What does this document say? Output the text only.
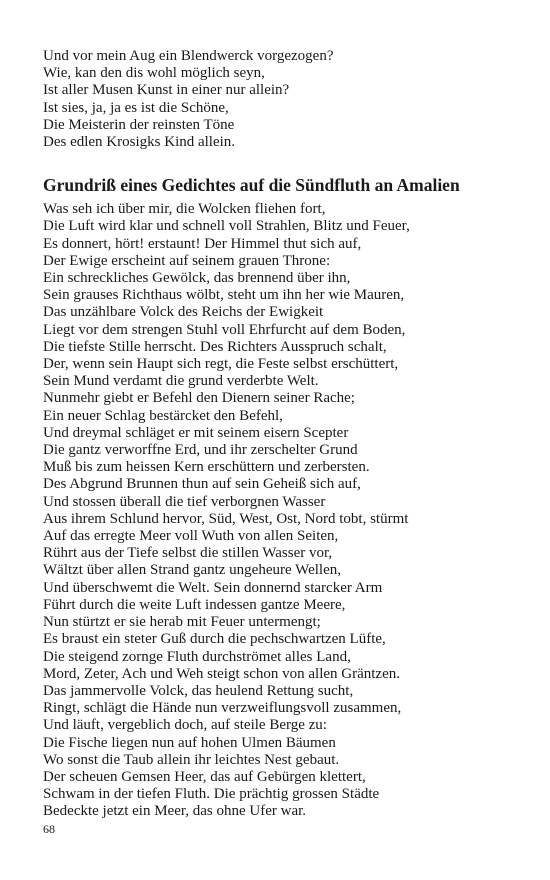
Und vor mein Aug ein Blendwerck vorgezogen?
Wie, kan den dis wohl möglich seyn,
Ist aller Musen Kunst in einer nur allein?
Ist sies, ja, ja es ist die Schöne,
Die Meisterin der reinsten Töne
Des edlen Krosigks Kind allein.
Grundriß eines Gedichtes auf die Sündfluth an Amalien
Was seh ich über mir, die Wolcken fliehen fort,
Die Luft wird klar und schnell voll Strahlen, Blitz und Feuer,
Es donnert, hört! erstaunt! Der Himmel thut sich auf,
Der Ewige erscheint auf seinem grauen Throne:
Ein schreckliches Gewölck, das brennend über ihn,
Sein grauses Richthaus wölbt, steht um ihn her wie Mauren,
Das unzählbare Volck des Reichs der Ewigkeit
Liegt vor dem strengen Stuhl voll Ehrfurcht auf dem Boden,
Die tiefste Stille herrscht. Des Richters Ausspruch schalt,
Der, wenn sein Haupt sich regt, die Feste selbst erschüttert,
Sein Mund verdamt die grund verderbte Welt.
Nunmehr giebt er Befehl den Dienern seiner Rache;
Ein neuer Schlag bestärcket den Befehl,
Und dreymal schläget er mit seinem eisern Scepter
Die gantz verworffne Erd, und ihr zerschelter Grund
Muß bis zum heissen Kern erschüttern und zerbersten.
Des Abgrund Brunnen thun auf sein Geheiß sich auf,
Und stossen überall die tief verborgnen Wasser
Aus ihrem Schlund hervor, Süd, West, Ost, Nord tobt, stürmt
Auf das erregte Meer voll Wuth von allen Seiten,
Rührt aus der Tiefe selbst die stillen Wasser vor,
Wältzt über allen Strand gantz ungeheure Wellen,
Und überschwemt die Welt. Sein donnernd starcker Arm
Führt durch die weite Luft indessen gantze Meere,
Nun stürtzt er sie herab mit Feuer untermengt;
Es braust ein steter Guß durch die pechschwartzen Lüfte,
Die steigend zornge Fluth durchströmet alles Land,
Mord, Zeter, Ach und Weh steigt schon von allen Gräntzen.
Das jammervolle Volck, das heulend Rettung sucht,
Ringt, schlägt die Hände nun verzweiflungsvoll zusammen,
Und läuft, vergeblich doch, auf steile Berge zu:
Die Fische liegen nun auf hohen Ulmen Bäumen
Wo sonst die Taub allein ihr leichtes Nest gebaut.
Der scheuen Gemsen Heer, das auf Gebürgen klettert,
Schwam in der tiefen Fluth. Die prächtig grossen Städte
Bedeckte jetzt ein Meer, das ohne Ufer war.
68
